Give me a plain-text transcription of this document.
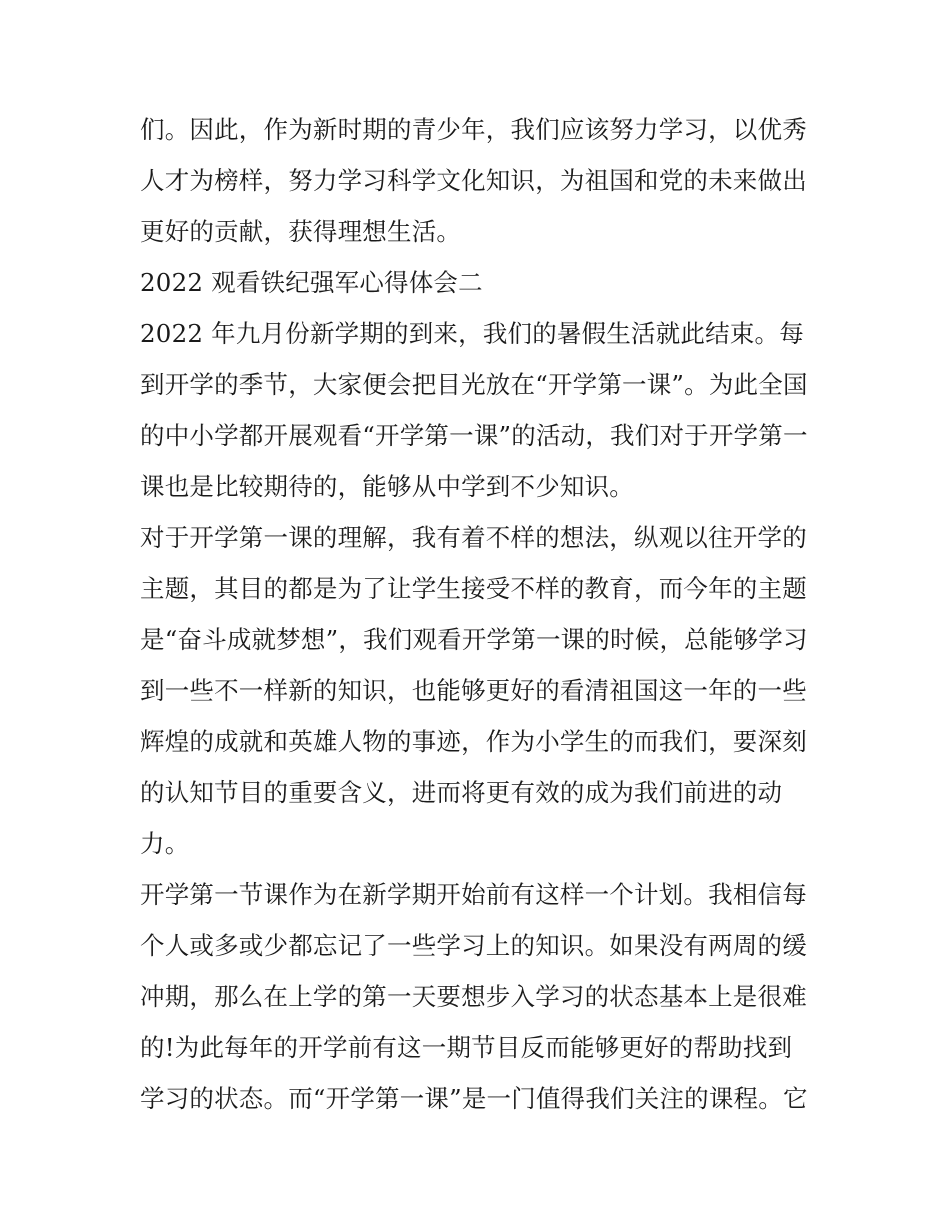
们。因此，作为新时期的青少年，我们应该努力学习，以优秀
人才为榜样，努力学习科学文化知识，为祖国和党的未来做出
更好的贡献，获得理想生活。
2022 观看铁纪强军心得体会二
2022 年九月份新学期的到来，我们的暑假生活就此结束。每
到开学的季节，大家便会把目光放在“开学第一课”。为此全国
的中小学都开展观看“开学第一课”的活动，我们对于开学第一
课也是比较期待的，能够从中学到不少知识。
对于开学第一课的理解，我有着不样的想法，纵观以往开学的
主题，其目的都是为了让学生接受不样的教育，而今年的主题
是“奋斗成就梦想”，我们观看开学第一课的时候，总能够学习
到一些不一样新的知识，也能够更好的看清祖国这一年的一些
辉煌的成就和英雄人物的事迹，作为小学生的而我们，要深刻
的认知节目的重要含义，进而将更有效的成为我们前进的动
力。
开学第一节课作为在新学期开始前有这样一个计划。我相信每
个人或多或少都忘记了一些学习上的知识。如果没有两周的缓
冲期，那么在上学的第一天要想步入学习的状态基本上是很难
的!为此每年的开学前有这一期节目反而能够更好的帮助找到
学习的状态。而“开学第一课”是一门值得我们关注的课程。它
